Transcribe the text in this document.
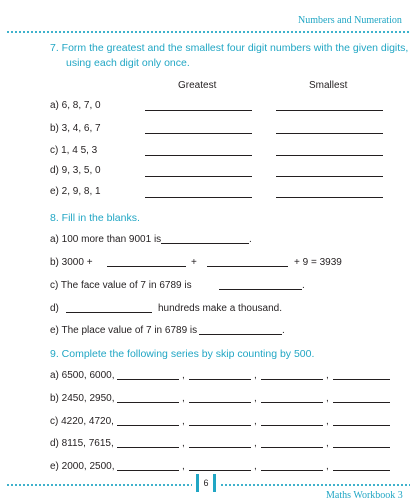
Numbers and Numeration
7. Form the greatest and the smallest four digit numbers with the given digits,
using each digit only once.
Greatest	Smallest
a) 6, 8, 7, 0
b) 3, 4, 6, 7
c) 1, 4 5, 3
d) 9, 3, 5, 0
e) 2, 9, 8, 1
8. Fill in the blanks.
a) 100 more than 9001 is	.
b) 3000 +	+	+ 9 = 3939
c) The face value of 7 in 6789 is	.
d)	hundreds make a thousand.
e) The place value of 7 in 6789 is	.
9. Complete the following series by skip counting by 500.
a) 6500, 6000,	,	,	,
b) 2450, 2950,	,	,	,
c) 4220, 4720,	,	,	,
d) 8115, 7615,	,	,	,
e) 2000, 2500,	,	,	,
6
Maths Workbook 3
